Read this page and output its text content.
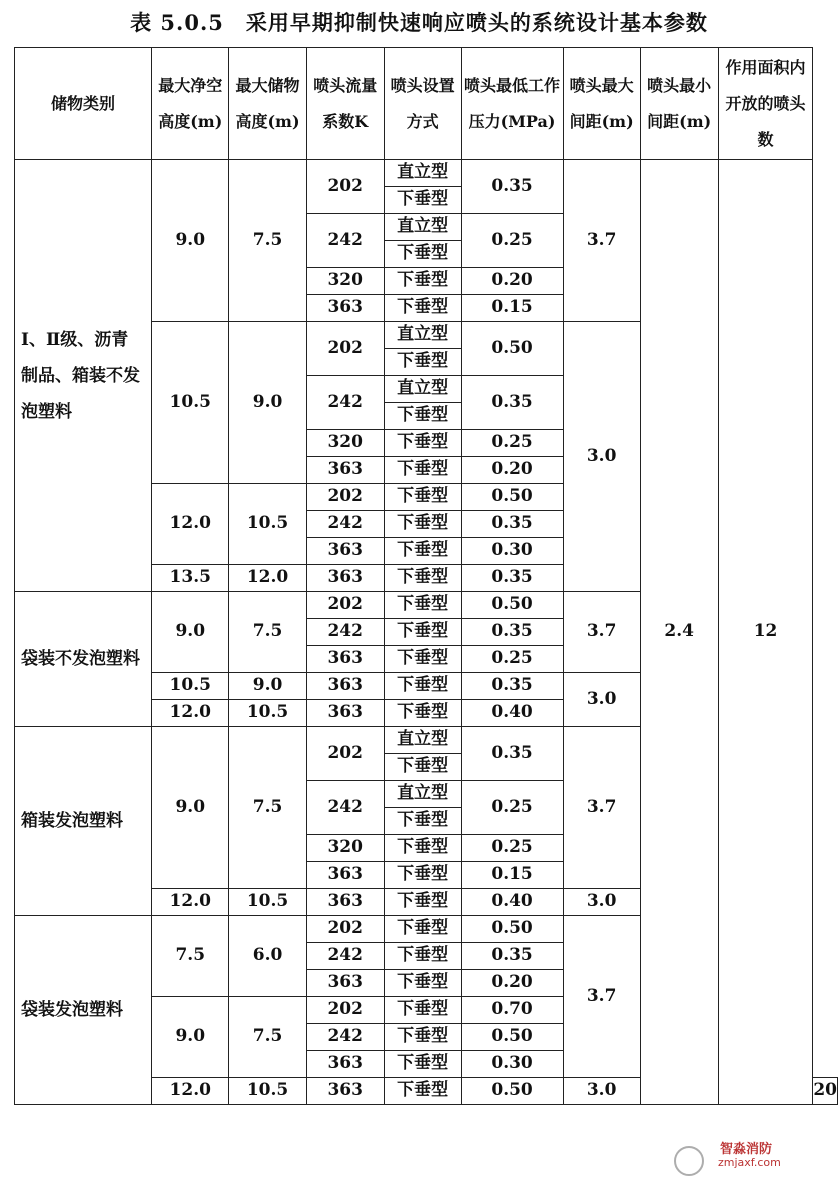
表 5.0.5　采用早期抑制快速响应喷头的系统设计基本参数
储物类别	最大净空高度(m)	最大储物高度(m)	喷头流量系数K	喷头设置方式	喷头最低工作压力(MPa)	喷头最大间距(m)	喷头最小间距(m)	作用面积内开放的喷头数	
Ⅰ、Ⅱ级、沥青制品、箱装不发泡塑料	9.0	7.5	202	直立型	0.35	3.7	2.4	12	
				下垂型					
			242	直立型	0.25				
				下垂型					
			320	下垂型	0.20				
			363	下垂型	0.15				
	10.5	9.0	202	直立型	0.50	3.0			
				下垂型					
			242	直立型	0.35				
				下垂型					
			320	下垂型	0.25				
			363	下垂型	0.20				
	12.0	10.5	202	下垂型	0.50				
			242	下垂型	0.35				
			363	下垂型	0.30				
	13.5	12.0	363	下垂型	0.35				
袋装不发泡塑料	9.0	7.5	202	下垂型	0.50	3.7			
			242	下垂型	0.35				
			363	下垂型	0.25				
	10.5	9.0	363	下垂型	0.35	3.0			
	12.0	10.5	363	下垂型	0.40				
箱装发泡塑料	9.0	7.5	202	直立型	0.35	3.7			
				下垂型					
			242	直立型	0.25				
				下垂型					
			320	下垂型	0.25				
			363	下垂型	0.15				
	12.0	10.5	363	下垂型	0.40	3.0			
袋装发泡塑料	7.5	6.0	202	下垂型	0.50	3.7			
			242	下垂型	0.35				
			363	下垂型	0.20				
	9.0	7.5	202	下垂型	0.70				
			242	下垂型	0.50				
			363	下垂型	0.30				
	12.0	10.5	363	下垂型	0.50	3.0			20
智淼消防
zmjaxf.com
